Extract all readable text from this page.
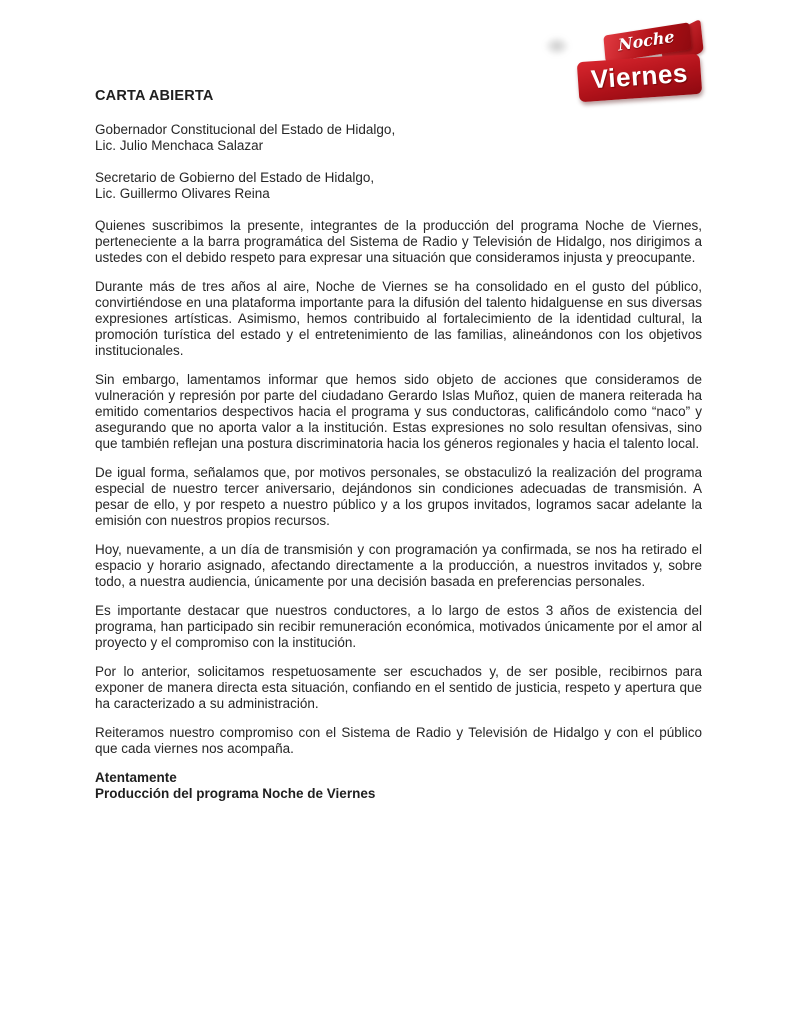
Noche
Viernes
CARTA ABIERTA
Gobernador Constitucional del Estado de Hidalgo,
Lic. Julio Menchaca Salazar
Secretario de Gobierno del Estado de Hidalgo,
Lic. Guillermo Olivares Reina

Quienes suscribimos la presente, integrantes de la producción del programa Noche de Viernes, perteneciente a la barra programática del Sistema de Radio y Televisión de Hidalgo, nos dirigimos a ustedes con el debido respeto para expresar una situación que consideramos injusta y preocupante.

Durante más de tres años al aire, Noche de Viernes se ha consolidado en el gusto del público, convirtiéndose en una plataforma importante para la difusión del talento hidalguense en sus diversas expresiones artísticas. Asimismo, hemos contribuido al fortalecimiento de la identidad cultural, la promoción turística del estado y el entretenimiento de las familias, alineándonos con los objetivos institucionales.

Sin embargo, lamentamos informar que hemos sido objeto de acciones que consideramos de vulneración y represión por parte del ciudadano Gerardo Islas Muñoz, quien de manera reiterada ha emitido comentarios despectivos hacia el programa y sus conductoras, calificándolo como “naco” y asegurando que no aporta valor a la institución. Estas expresiones no solo resultan ofensivas, sino que también reflejan una postura discriminatoria hacia los géneros regionales y hacia el talento local.

De igual forma, señalamos que, por motivos personales, se obstaculizó la realización del programa especial de nuestro tercer aniversario, dejándonos sin condiciones adecuadas de transmisión. A pesar de ello, y por respeto a nuestro público y a los grupos invitados, logramos sacar adelante la emisión con nuestros propios recursos.

Hoy, nuevamente, a un día de transmisión y con programación ya confirmada, se nos ha retirado el espacio y horario asignado, afectando directamente a la producción, a nuestros invitados y, sobre todo, a nuestra audiencia, únicamente por una decisión basada en preferencias personales.

Es importante destacar que nuestros conductores, a lo largo de estos 3 años de existencia del programa, han participado sin recibir remuneración económica, motivados únicamente por el amor al proyecto y el compromiso con la institución.

Por lo anterior, solicitamos respetuosamente ser escuchados y, de ser posible, recibirnos para exponer de manera directa esta situación, confiando en el sentido de justicia, respeto y apertura que ha caracterizado a su administración.

Reiteramos nuestro compromiso con el Sistema de Radio y Televisión de Hidalgo y con el público que cada viernes nos acompaña.

Atentamente
Producción del programa Noche de Viernes
